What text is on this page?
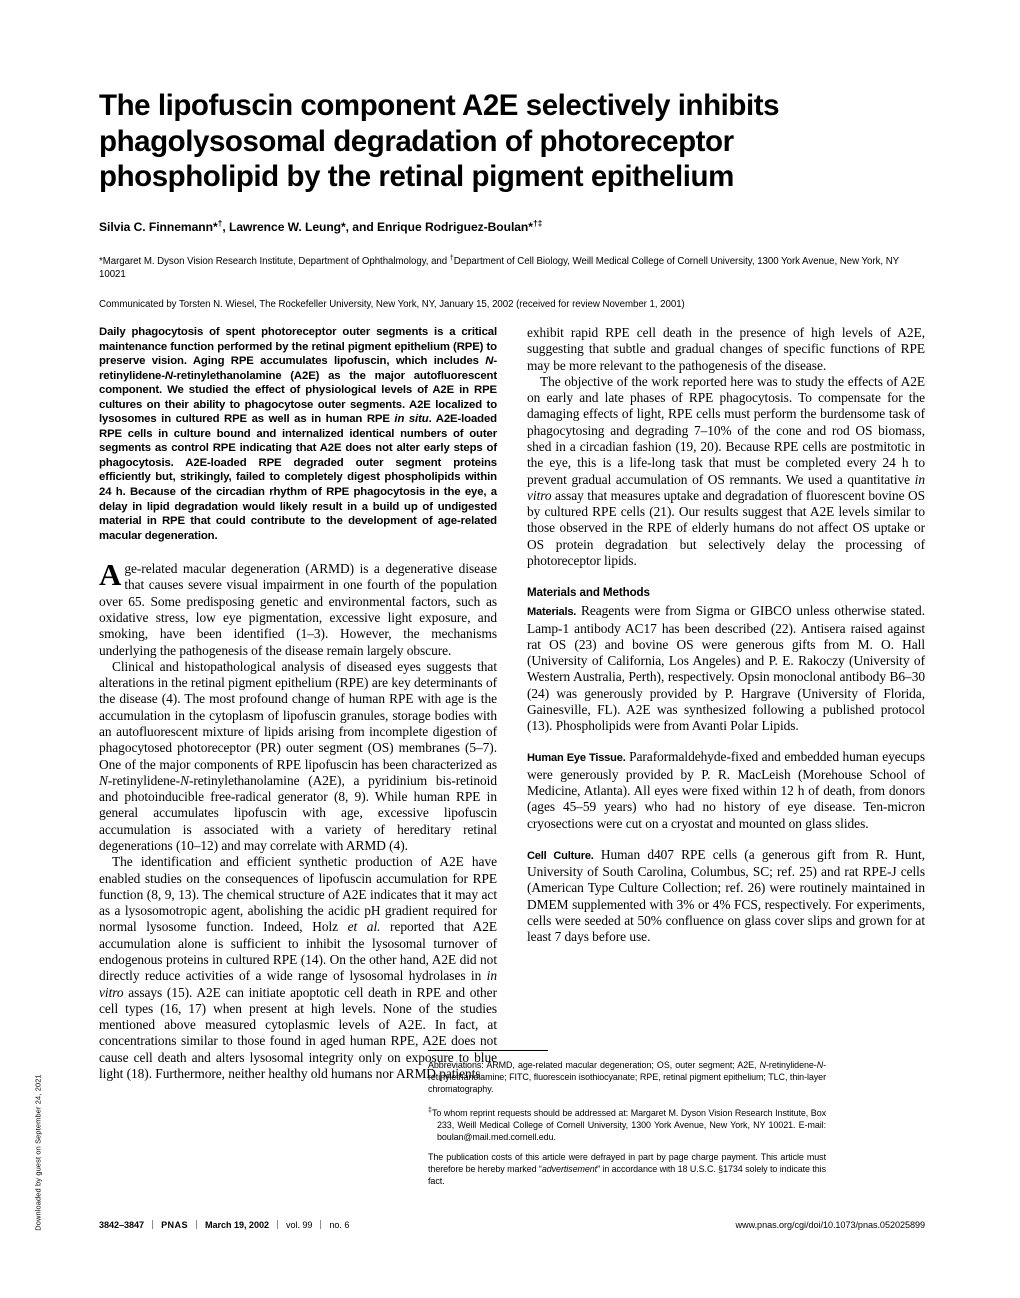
Downloaded by guest on September 24, 2021
The lipofuscin component A2E selectively inhibits phagolysosomal degradation of photoreceptor phospholipid by the retinal pigment epithelium
Silvia C. Finnemann*†, Lawrence W. Leung*, and Enrique Rodriguez-Boulan*†‡
*Margaret M. Dyson Vision Research Institute, Department of Ophthalmology, and †Department of Cell Biology, Weill Medical College of Cornell University, 1300 York Avenue, New York, NY 10021
Communicated by Torsten N. Wiesel, The Rockefeller University, New York, NY, January 15, 2002 (received for review November 1, 2001)

Daily phagocytosis of spent photoreceptor outer segments is a critical maintenance function performed by the retinal pigment epithelium (RPE) to preserve vision. Aging RPE accumulates lipofuscin, which includes N-retinylidene-N-retinylethanolamine (A2E) as the major autofluorescent component. We studied the effect of physiological levels of A2E in RPE cultures on their ability to phagocytose outer segments. A2E localized to lysosomes in cultured RPE as well as in human RPE in situ. A2E-loaded RPE cells in culture bound and internalized identical numbers of outer segments as control RPE indicating that A2E does not alter early steps of phagocytosis. A2E-loaded RPE degraded outer segment proteins efficiently but, strikingly, failed to completely digest phospholipids within 24 h. Because of the circadian rhythm of RPE phagocytosis in the eye, a delay in lipid degradation would likely result in a build up of undigested material in RPE that could contribute to the development of age-related macular degeneration.

Age-related macular degeneration (ARMD) is a degenerative disease that causes severe visual impairment in one fourth of the population over 65. Some predisposing genetic and environmental factors, such as oxidative stress, low eye pigmentation, excessive light exposure, and smoking, have been identified (1–3). However, the mechanisms underlying the pathogenesis of the disease remain largely obscure.

Clinical and histopathological analysis of diseased eyes suggests that alterations in the retinal pigment epithelium (RPE) are key determinants of the disease (4). The most profound change of human RPE with age is the accumulation in the cytoplasm of lipofuscin granules, storage bodies with an autofluorescent mixture of lipids arising from incomplete digestion of phagocytosed photoreceptor (PR) outer segment (OS) membranes (5–7). One of the major components of RPE lipofuscin has been characterized as N-retinylidene-N-retinylethanolamine (A2E), a pyridinium bis-retinoid and photoinducible free-radical generator (8, 9). While human RPE in general accumulates lipofuscin with age, excessive lipofuscin accumulation is associated with a variety of hereditary retinal degenerations (10–12) and may correlate with ARMD (4).

The identification and efficient synthetic production of A2E have enabled studies on the consequences of lipofuscin accumulation for RPE function (8, 9, 13). The chemical structure of A2E indicates that it may act as a lysosomotropic agent, abolishing the acidic pH gradient required for normal lysosome function. Indeed, Holz et al. reported that A2E accumulation alone is sufficient to inhibit the lysosomal turnover of endogenous proteins in cultured RPE (14). On the other hand, A2E did not directly reduce activities of a wide range of lysosomal hydrolases in in vitro assays (15). A2E can initiate apoptotic cell death in RPE and other cell types (16, 17) when present at high levels. None of the studies mentioned above measured cytoplasmic levels of A2E. In fact, at concentrations similar to those found in aged human RPE, A2E does not cause cell death and alters lysosomal integrity only on exposure to blue light (18). Furthermore, neither healthy old humans nor ARMD patients

exhibit rapid RPE cell death in the presence of high levels of A2E, suggesting that subtle and gradual changes of specific functions of RPE may be more relevant to the pathogenesis of the disease.

The objective of the work reported here was to study the effects of A2E on early and late phases of RPE phagocytosis. To compensate for the damaging effects of light, RPE cells must perform the burdensome task of phagocytosing and degrading 7–10% of the cone and rod OS biomass, shed in a circadian fashion (19, 20). Because RPE cells are postmitotic in the eye, this is a life-long task that must be completed every 24 h to prevent gradual accumulation of OS remnants. We used a quantitative in vitro assay that measures uptake and degradation of fluorescent bovine OS by cultured RPE cells (21). Our results suggest that A2E levels similar to those observed in the RPE of elderly humans do not affect OS uptake or OS protein degradation but selectively delay the processing of photoreceptor lipids.

Materials and Methods

Materials. Reagents were from Sigma or GIBCO unless otherwise stated. Lamp-1 antibody AC17 has been described (22). Antisera raised against rat OS (23) and bovine OS were generous gifts from M. O. Hall (University of California, Los Angeles) and P. E. Rakoczy (University of Western Australia, Perth), respectively. Opsin monoclonal antibody B6–30 (24) was generously provided by P. Hargrave (University of Florida, Gainesville, FL). A2E was synthesized following a published protocol (13). Phospholipids were from Avanti Polar Lipids.

Human Eye Tissue. Paraformaldehyde-fixed and embedded human eyecups were generously provided by P. R. MacLeish (Morehouse School of Medicine, Atlanta). All eyes were fixed within 12 h of death, from donors (ages 45–59 years) who had no history of eye disease. Ten-micron cryosections were cut on a cryostat and mounted on glass slides.

Cell Culture. Human d407 RPE cells (a generous gift from R. Hunt, University of South Carolina, Columbus, SC; ref. 25) and rat RPE-J cells (American Type Culture Collection; ref. 26) were routinely maintained in DMEM supplemented with 3% or 4% FCS, respectively. For experiments, cells were seeded at 50% confluence on glass cover slips and grown for at least 7 days before use.

Abbreviations: ARMD, age-related macular degeneration; OS, outer segment; A2E, N-retinylidene-N-retinylethanolamine; FITC, fluorescein isothiocyanate; RPE, retinal pigment epithelium; TLC, thin-layer chromatography.

‡To whom reprint requests should be addressed at: Margaret M. Dyson Vision Research Institute, Box 233, Weill Medical College of Cornell University, 1300 York Avenue, New York, NY 10021. E-mail: boulan@mail.med.cornell.edu.

The publication costs of this article were defrayed in part by page charge payment. This article must therefore be hereby marked “advertisement” in accordance with 18 U.S.C. §1734 solely to indicate this fact.

3842–3847 PNAS March 19, 2002 vol. 99 no. 6	www.pnas.org/cgi/doi/10.1073/pnas.052025899
